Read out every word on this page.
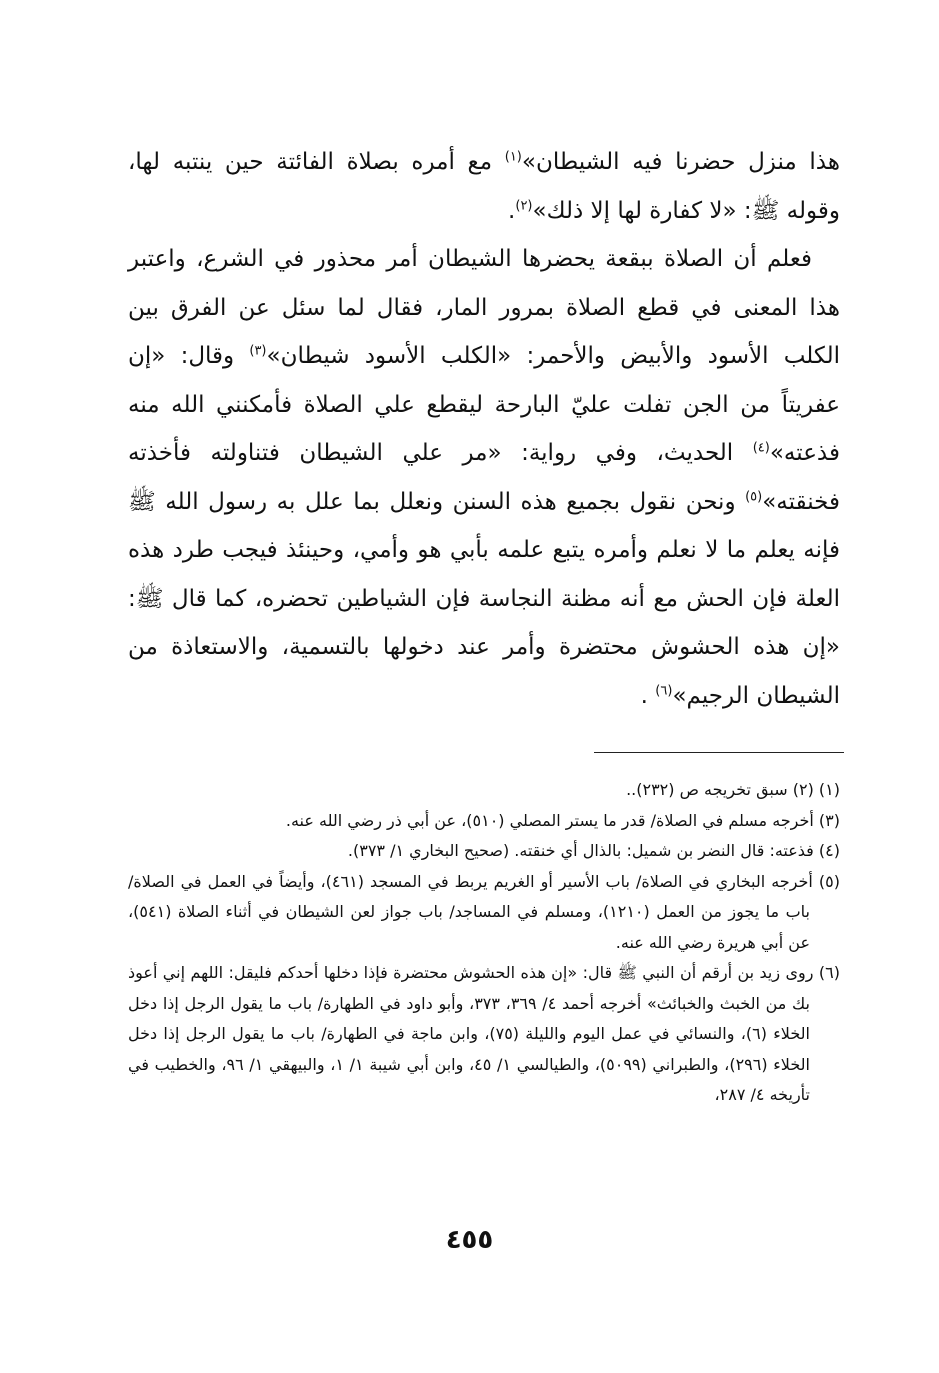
هذا منزل حضرنا فيه الشيطان»$^{(١)}$ مع أمره بصلاة الفائتة حين ينتبه لها، وقوله ﷺ: «لا كفارة لها إلا ذلك»$^{(٢)}$.

فعلم أن الصلاة ببقعة يحضرها الشيطان أمر محذور في الشرع، واعتبر هذا المعنى في قطع الصلاة بمرور المار، فقال لما سئل عن الفرق بين الكلب الأسود والأبيض والأحمر: «الكلب الأسود شيطان»$^{(٣)}$ وقال: «إن عفريتاً من الجن تفلت عليّ البارحة ليقطع علي الصلاة فأمكنني الله منه فذعته»$^{(٤)}$ الحديث، وفي رواية: «مر علي الشيطان فتناولته فأخذته فخنقته»$^{(٥)}$ ونحن نقول بجميع هذه السنن ونعلل بما علل به رسول الله ﷺ فإنه يعلم ما لا نعلم وأمره يتبع علمه بأبي هو وأمي، وحينئذ فيجب طرد هذه العلة فإن الحش مع أنه مظنة النجاسة فإن الشياطين تحضره، كما قال ﷺ: «إن هذه الحشوش محتضرة وأمر عند دخولها بالتسمية، والاستعاذة من الشيطان الرجيم»$^{(٦)}$ .

(١) (٢) سبق تخريجه ص (٢٣٢)..

(٣) أخرجه مسلم في الصلاة/ قدر ما يستر المصلي (٥١٠)، عن أبي ذر رضي الله عنه.

(٤) فذعته: قال النضر بن شميل: بالذال أي خنقته. (صحيح البخاري ١/ ٣٧٣).

(٥) أخرجه البخاري في الصلاة/ باب الأسير أو الغريم يربط في المسجد (٤٦١)، وأيضاً في العمل في الصلاة/ باب ما يجوز من العمل (١٢١٠)، ومسلم في المساجد/ باب جواز لعن الشيطان في أثناء الصلاة (٥٤١)، عن أبي هريرة رضي الله عنه.

(٦) روى زيد بن أرقم أن النبي ﷺ قال: «إن هذه الحشوش محتضرة فإذا دخلها أحدكم فليقل: اللهم إني أعوذ بك من الخبث والخبائث» أخرجه أحمد ٤/ ٣٦٩، ٣٧٣، وأبو داود في الطهارة/ باب ما يقول الرجل إذا دخل الخلاء (٦)، والنسائي في عمل اليوم والليلة (٧٥)، وابن ماجة في الطهارة/ باب ما يقول الرجل إذا دخل الخلاء (٢٩٦)، والطبراني (٥٠٩٩)، والطيالسي ١/ ٤٥، وابن أبي شيبة ١/ ١، والبيهقي ١/ ٩٦، والخطيب في تأريخه ٤/ ٢٨٧،

٤٥٥
